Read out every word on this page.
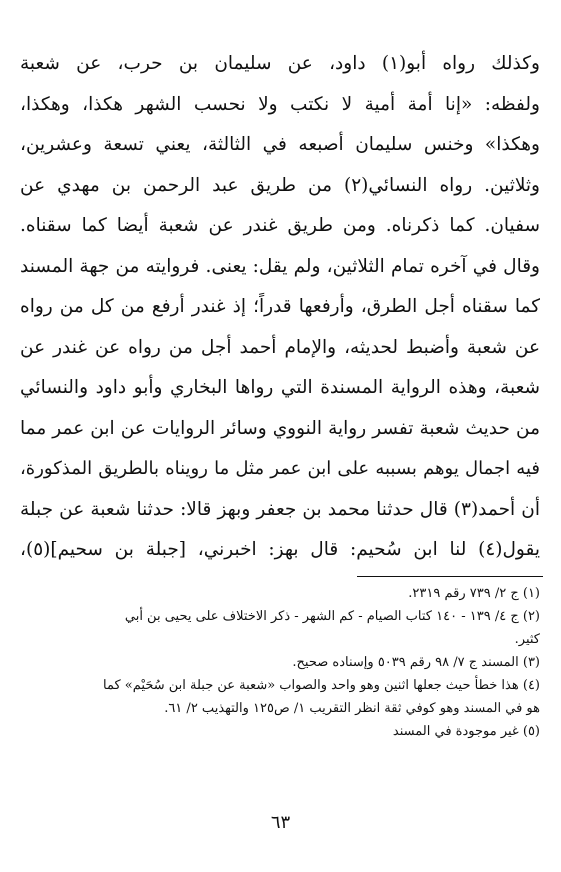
وكذلك رواه أبو(١) داود، عن سليمان بن حرب، عن شعبة
ولفظه: «إنا أمة أمية لا نكتب ولا نحسب الشهر هكذا، وهكذا،
وهكذا» وخنس سليمان أصبعه في الثالثة، يعني تسعة وعشرين،
وثلاثين. رواه النسائي(٢) من طريق عبد الرحمن بن مهدي عن
سفيان. كما ذكرناه. ومن طريق غندر عن شعبة أيضا كما سقناه.
وقال في آخره تمام الثلاثين، ولم يقل: يعنى. فروايته من جهة المسند
كما سقناه أجل الطرق، وأرفعها قدراً؛ إذ غندر أرفع من كل من رواه
عن شعبة وأضبط لحديثه، والإمام أحمد أجل من رواه عن غندر عن
شعبة، وهذه الرواية المسندة التي رواها البخاري وأبو داود والنسائي
من حديث شعبة تفسر رواية النووي وسائر الروايات عن ابن عمر مما
فيه اجمال يوهم بسببه على ابن عمر مثل ما رويناه بالطريق المذكورة،
أن أحمد(٣) قال حدثنا محمد بن جعفر وبهز قالا: حدثنا شعبة عن جبلة
يقول(٤) لنا ابن سُحيم: قال بهز: اخبرني، [جبلة بن سحيم](٥)،
(١) ج ٢/ ٧٣٩ رقم ٢٣١٩.
(٢) ج ٤/ ١٣٩ - ١٤٠ كتاب الصيام - كم الشهر - ذكر الاختلاف على يحيى بن أبي
كثير.
(٣) المسند ج ٧/ ٩٨ رقم ٥٠٣٩ وإسناده صحيح.
(٤) هذا خطأ حيث جعلها اثنين وهو واحد والصواب «شعبة عن جبلة ابن سُحَيْم» كما
هو في المسند وهو كوفي ثقة انظر التقريب ١/ ص١٢٥ والتهذيب ٢/ ٦١.
(٥) غير موجودة في المسند
٦٣
